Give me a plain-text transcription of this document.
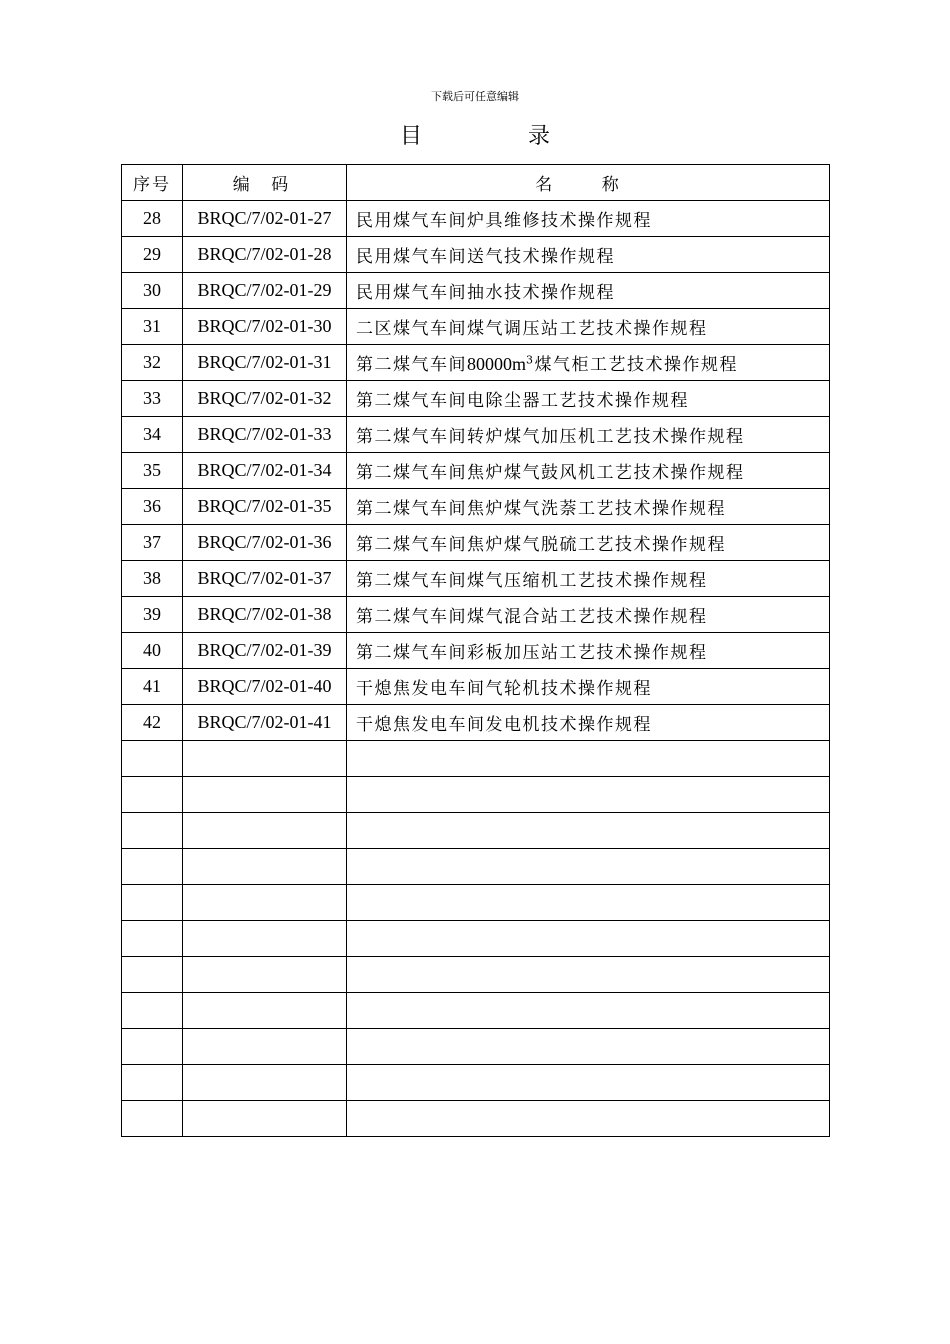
下载后可任意编辑
目　录
序号	编 码	名 称
28	BRQC/7/02-01-27	民用煤气车间炉具维修技术操作规程
29	BRQC/7/02-01-28	民用煤气车间送气技术操作规程
30	BRQC/7/02-01-29	民用煤气车间抽水技术操作规程
31	BRQC/7/02-01-30	二区煤气车间煤气调压站工艺技术操作规程
32	BRQC/7/02-01-31	第二煤气车间$80000m^3$煤气柜工艺技术操作规程
33	BRQC/7/02-01-32	第二煤气车间电除尘器工艺技术操作规程
34	BRQC/7/02-01-33	第二煤气车间转炉煤气加压机工艺技术操作规程
35	BRQC/7/02-01-34	第二煤气车间焦炉煤气鼓风机工艺技术操作规程
36	BRQC/7/02-01-35	第二煤气车间焦炉煤气洗萘工艺技术操作规程
37	BRQC/7/02-01-36	第二煤气车间焦炉煤气脱硫工艺技术操作规程
38	BRQC/7/02-01-37	第二煤气车间煤气压缩机工艺技术操作规程
39	BRQC/7/02-01-38	第二煤气车间煤气混合站工艺技术操作规程
40	BRQC/7/02-01-39	第二煤气车间彩板加压站工艺技术操作规程
41	BRQC/7/02-01-40	干熄焦发电车间气轮机技术操作规程
42	BRQC/7/02-01-41	干熄焦发电车间发电机技术操作规程
